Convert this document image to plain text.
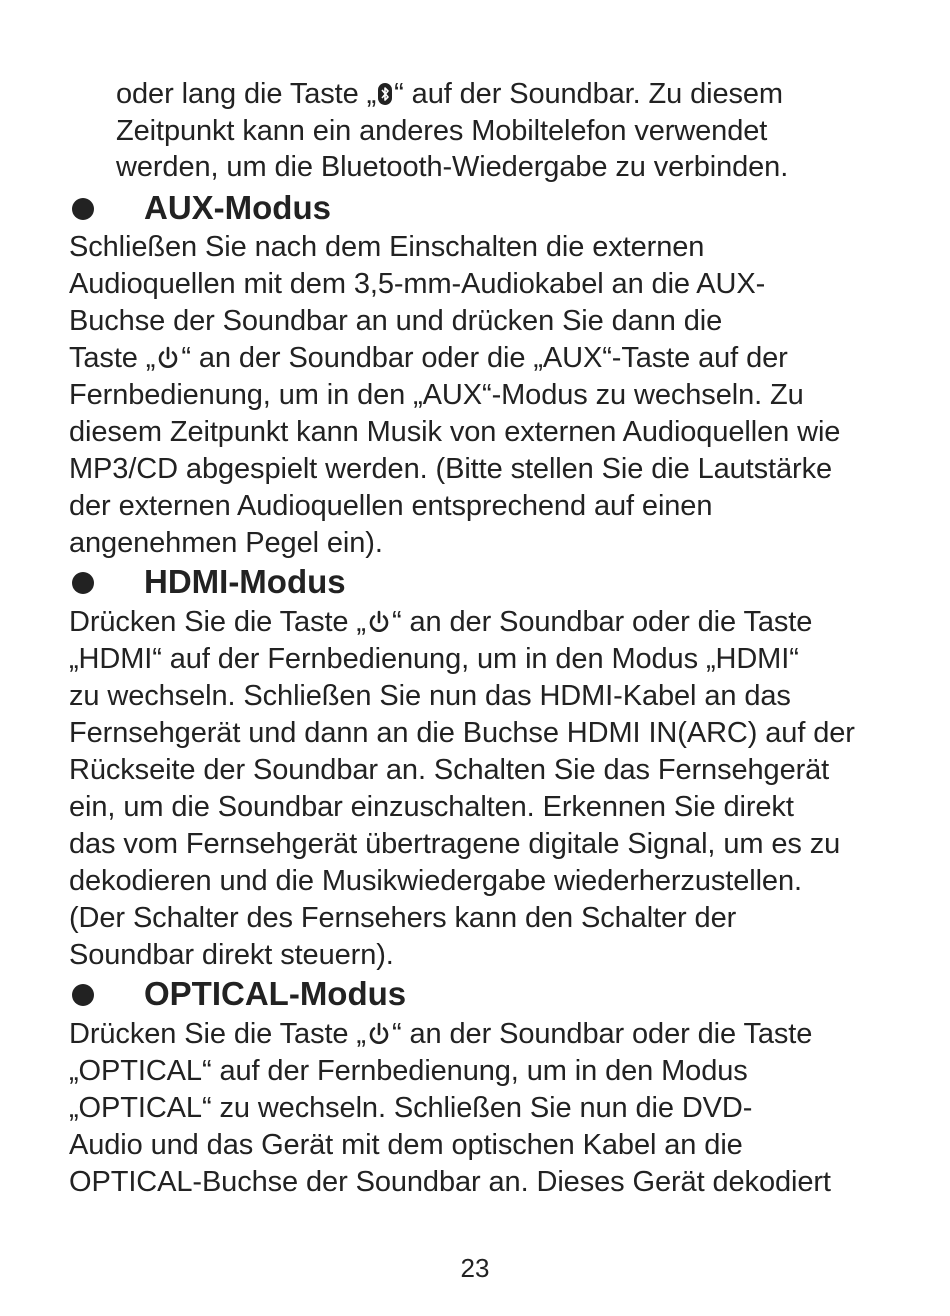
oder lang die Taste „ “ auf der Soundbar. Zu diesem
Zeitpunkt kann ein anderes Mobiltelefon verwendet
werden, um die Bluetooth-Wiedergabe zu verbinden.
AUX-Modus
Schließen Sie nach dem Einschalten die externen
Audioquellen mit dem 3,5-mm-Audiokabel an die AUX-
Buchse der Soundbar an und drücken Sie dann die
Taste „ “ an der Soundbar oder die „AUX“-Taste auf der
Fernbedienung, um in den „AUX“-Modus zu wechseln. Zu
diesem Zeitpunkt kann Musik von externen Audioquellen wie
MP3/CD abgespielt werden. (Bitte stellen Sie die Lautstärke
der externen Audioquellen entsprechend auf einen
angenehmen Pegel ein).
HDMI-Modus
Drücken Sie die Taste „ “ an der Soundbar oder die Taste
„HDMI“ auf der Fernbedienung, um in den Modus „HDMI“
zu wechseln. Schließen Sie nun das HDMI-Kabel an das
Fernsehgerät und dann an die Buchse HDMI IN(ARC) auf der
Rückseite der Soundbar an. Schalten Sie das Fernsehgerät
ein, um die Soundbar einzuschalten. Erkennen Sie direkt
das vom Fernsehgerät übertragene digitale Signal, um es zu
dekodieren und die Musikwiedergabe wiederherzustellen.
(Der Schalter des Fernsehers kann den Schalter der
Soundbar direkt steuern).
OPTICAL-Modus
Drücken Sie die Taste „ “ an der Soundbar oder die Taste
„OPTICAL“ auf der Fernbedienung, um in den Modus
„OPTICAL“ zu wechseln. Schließen Sie nun die DVD-
Audio und das Gerät mit dem optischen Kabel an die
OPTICAL-Buchse der Soundbar an. Dieses Gerät dekodiert
23
